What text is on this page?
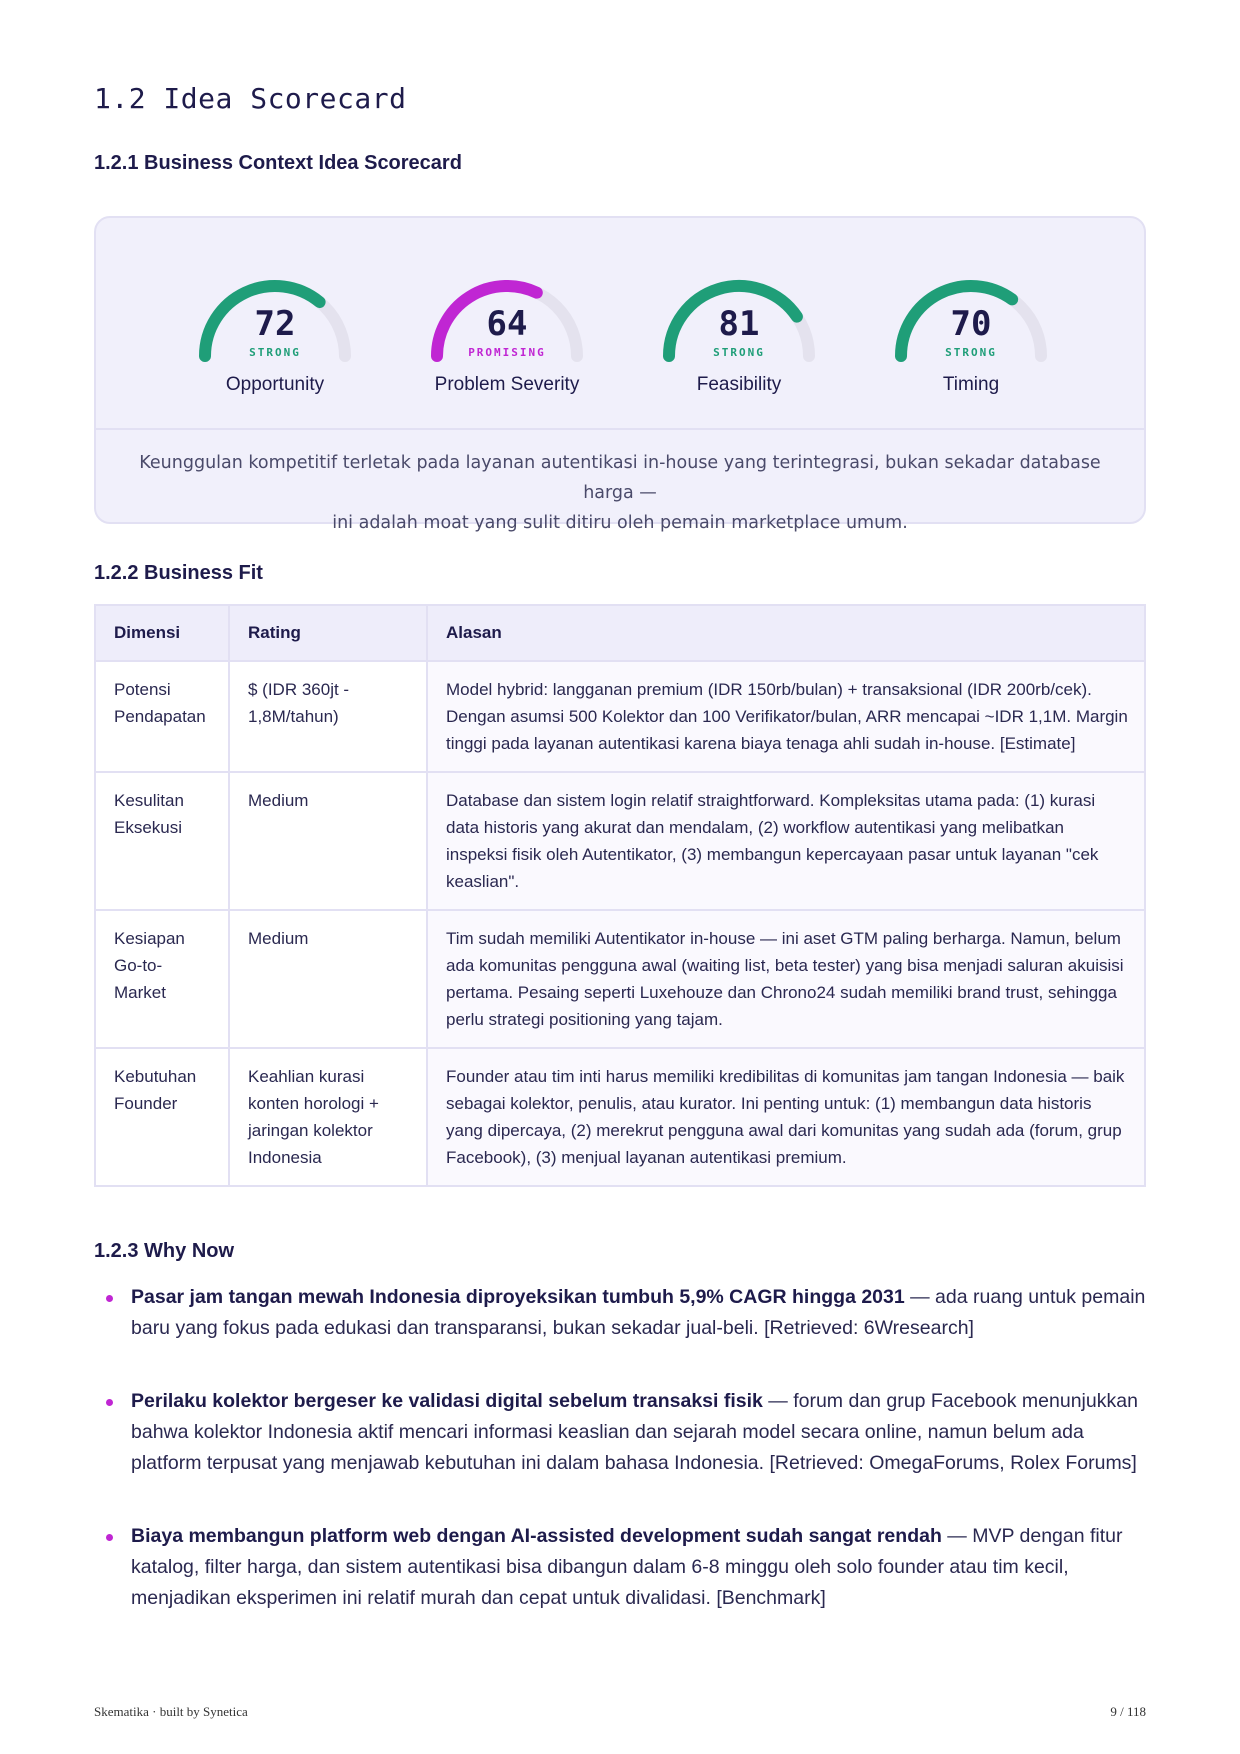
1.2 Idea Scorecard
1.2.1 Business Context Idea Scorecard
72
STRONG
Opportunity
64
PROMISING
Problem Severity
81
STRONG
Feasibility
70
STRONG
Timing
Keunggulan kompetitif terletak pada layanan autentikasi in-house yang terintegrasi, bukan sekadar database harga —
ini adalah moat yang sulit ditiru oleh pemain marketplace umum.
1.2.2 Business Fit
Dimensi	Rating	Alasan
Potensi Pendapatan	$ (IDR 360jt - 1,8M/tahun)	Model hybrid: langganan premium (IDR 150rb/bulan) + transaksional (IDR 200rb/cek). Dengan asumsi 500 Kolektor dan 100 Verifikator/bulan, ARR mencapai ~IDR 1,1M. Margin tinggi pada layanan autentikasi karena biaya tenaga ahli sudah in-house. [Estimate]
Kesulitan Eksekusi	Medium	Database dan sistem login relatif straightforward. Kompleksitas utama pada: (1) kurasi data historis yang akurat dan mendalam, (2) workflow autentikasi yang melibatkan inspeksi fisik oleh Autentikator, (3) membangun kepercayaan pasar untuk layanan "cek keaslian".
Kesiapan Go-to-Market	Medium	Tim sudah memiliki Autentikator in-house — ini aset GTM paling berharga. Namun, belum ada komunitas pengguna awal (waiting list, beta tester) yang bisa menjadi saluran akuisisi pertama. Pesaing seperti Luxehouze dan Chrono24 sudah memiliki brand trust, sehingga perlu strategi positioning yang tajam.
Kebutuhan Founder	Keahlian kurasi konten horologi + jaringan kolektor Indonesia	Founder atau tim inti harus memiliki kredibilitas di komunitas jam tangan Indonesia — baik sebagai kolektor, penulis, atau kurator. Ini penting untuk: (1) membangun data historis yang dipercaya, (2) merekrut pengguna awal dari komunitas yang sudah ada (forum, grup Facebook), (3) menjual layanan autentikasi premium.
1.2.3 Why Now
Pasar jam tangan mewah Indonesia diproyeksikan tumbuh 5,9% CAGR hingga 2031 — ada ruang untuk pemain baru yang fokus pada edukasi dan transparansi, bukan sekadar jual-beli. [Retrieved: 6Wresearch]
Perilaku kolektor bergeser ke validasi digital sebelum transaksi fisik — forum dan grup Facebook menunjukkan bahwa kolektor Indonesia aktif mencari informasi keaslian dan sejarah model secara online, namun belum ada platform terpusat yang menjawab kebutuhan ini dalam bahasa Indonesia. [Retrieved: OmegaForums, Rolex Forums]
Biaya membangun platform web dengan AI-assisted development sudah sangat rendah — MVP dengan fitur katalog, filter harga, dan sistem autentikasi bisa dibangun dalam 6-8 minggu oleh solo founder atau tim kecil, menjadikan eksperimen ini relatif murah dan cepat untuk divalidasi. [Benchmark]
Skematika · built by Synetica	9 / 118
